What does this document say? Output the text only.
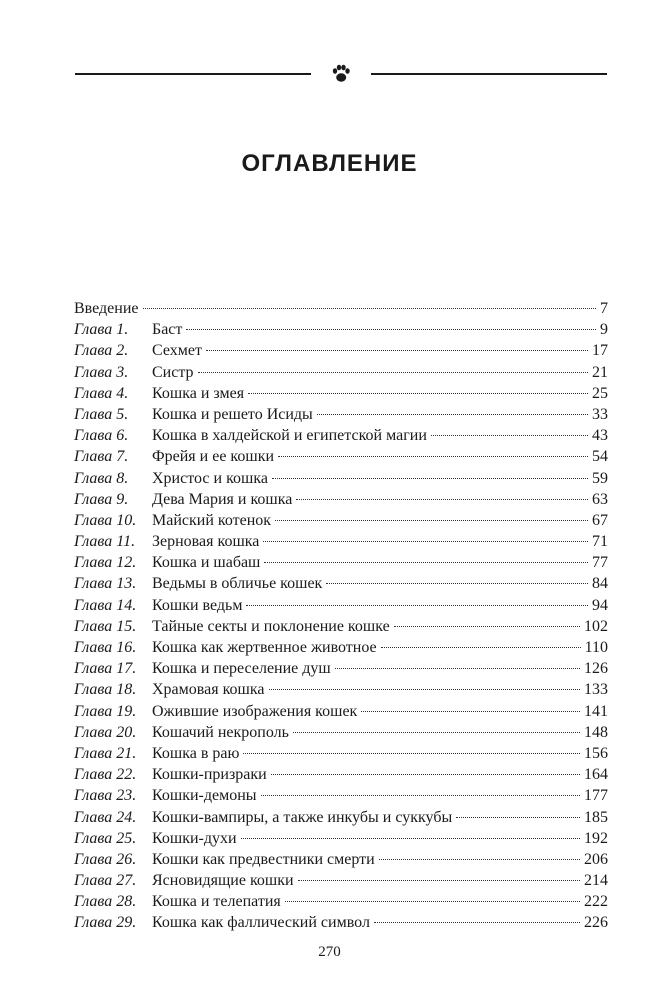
ОГЛАВЛЕНИЕ
Введение	7
Глава 1.	Баст	9
Глава 2.	Сехмет	17
Глава 3.	Систр	21
Глава 4.	Кошка и змея	25
Глава 5.	Кошка и решето Исиды	33
Глава 6.	Кошка в халдейской и египетской магии	43
Глава 7.	Фрейя и ее кошки	54
Глава 8.	Христос и кошка	59
Глава 9.	Дева Мария и кошка	63
Глава 10. Майский котенок	67
Глава 11.	Зерновая кошка	71
Глава 12. Кошка и шабаш	77
Глава 13. Ведьмы в обличье кошек	84
Глава 14. Кошки ведьм	94
Глава 15. Тайные секты и поклонение кошке	102
Глава 16. Кошка как жертвенное животное	110
Глава 17. Кошка и переселение душ	126
Глава 18. Храмовая кошка	133
Глава 19. Ожившие изображения кошек	141
Глава 20. Кошачий некрополь	148
Глава 21. Кошка в раю	156
Глава 22. Кошки-призраки	164
Глава 23. Кошки-демоны	177
Глава 24. Кошки-вампиры, а также инкубы и суккубы	185
Глава 25. Кошки-духи	192
Глава 26. Кошки как предвестники смерти	206
Глава 27. Ясновидящие кошки	214
Глава 28. Кошка и телепатия	222
Глава 29. Кошка как фаллический символ	226
270
